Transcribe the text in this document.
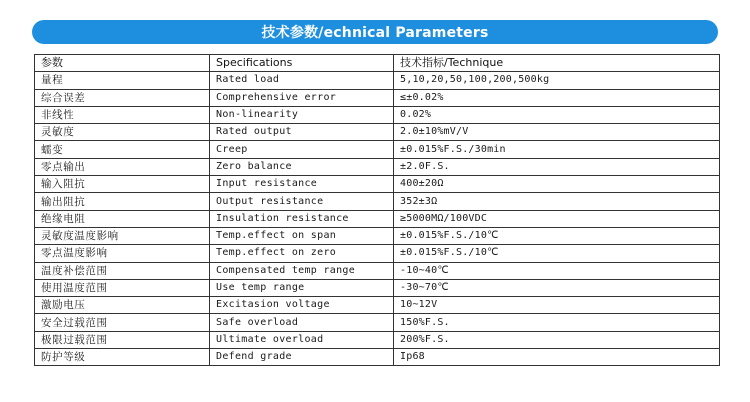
技术参数/echnical Parameters
参数	Specifications	技术指标/Technique
量程	Rated load	5,10,20,50,100,200,500kg
综合误差	Comprehensive error	≤±0.02%
非线性	Non-linearity	0.02%
灵敏度	Rated output	2.0±10%mV/V
蠕变	Creep	±0.015%F.S./30min
零点输出	Zero balance	±2.0F.S.
输入阻抗	Input resistance	400±20Ω
输出阻抗	Output resistance	352±3Ω
绝缘电阻	Insulation resistance	≥5000MΩ/100VDC
灵敏度温度影响	Temp.effect on span	±0.015%F.S./10℃
零点温度影响	Temp.effect on zero	±0.015%F.S./10℃
温度补偿范围	Compensated temp range	-10~40℃
使用温度范围	Use temp range	-30~70℃
激励电压	Excitasion voltage	10~12V
安全过载范围	Safe overload	150%F.S.
极限过载范围	Ultimate overload	200%F.S.
防护等级	Defend grade	Ip68
